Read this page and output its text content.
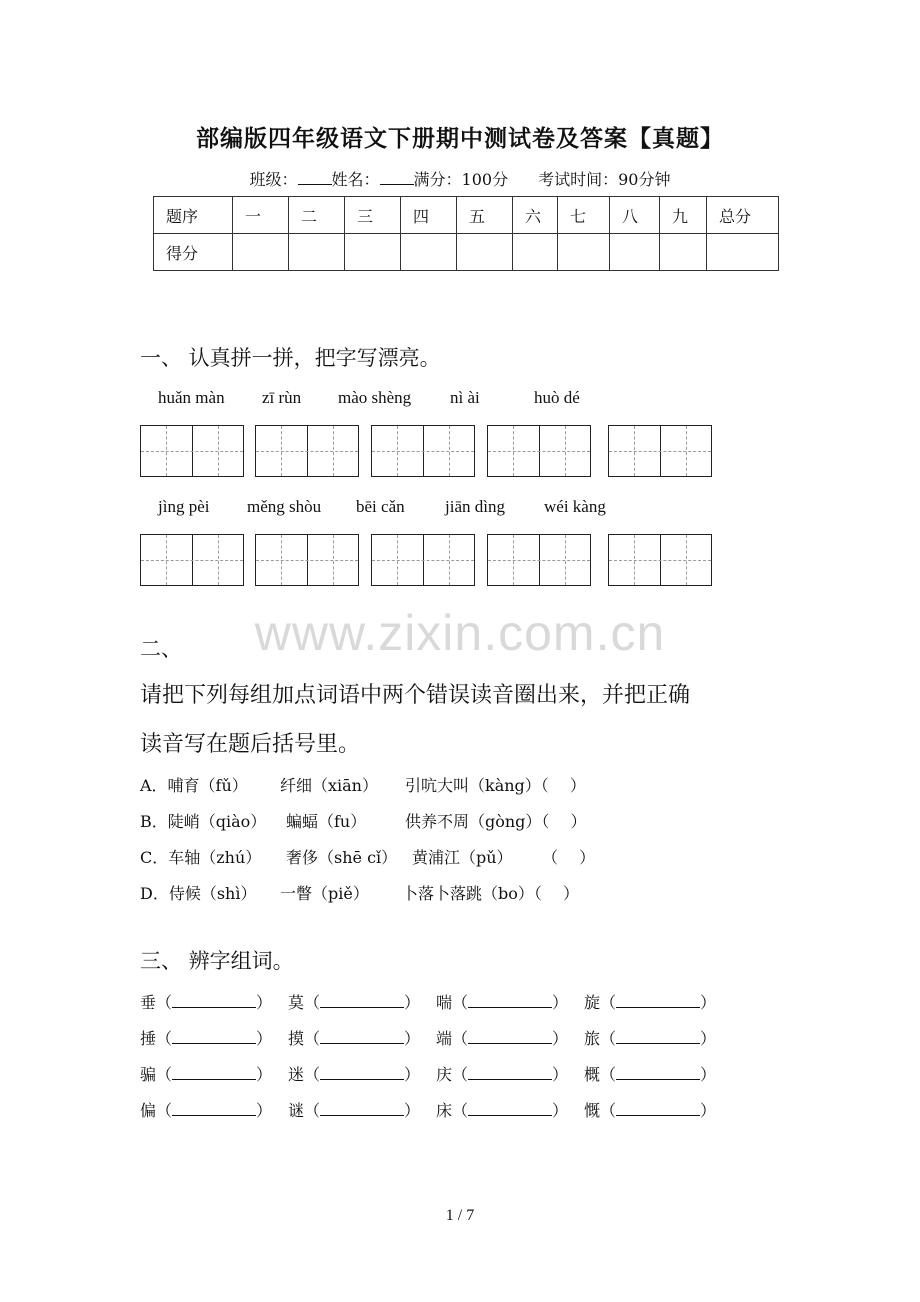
部编版四年级语文下册期中测试卷及答案【真题】
班级： 姓名： 满分：100分 考试时间：90分钟
题序	一	二	三	四	五	六	七	八	九	总分
得分										
一、 认真拼一拼，把字写漂亮。
huǎn màn zī rùn mào shèng nì ài	huò dé
jìng pèi měng shòu bēi cǎn jiān dìng wéi kàng
www.zixin.com.cn
二、
请把下列每组加点词语中两个错误读音圈出来，并把正确
读音写在题后括号里。
A．哺育（fǔ） 纤细（xiān） 引吭大叫（kàng）（　 ）
B．陡峭（qiào） 蝙蝠（fu） 供养不周（gòng）（　 ）
C．车轴（zhú） 奢侈（shē cǐ） 黄浦江（pǔ） （　 ）
D．侍候（shì） 一瞥（piě） 卜落卜落跳（bo）（　 ）
三、 辨字组词。
垂（	） 莫（	） 喘（	） 旋（	）
捶（	） 摸（	） 端（	） 旅（	）
骗（	） 迷（	） 庆（	） 概（	）
偏（	） 谜（	） 床（	） 慨（	）
1 / 7
